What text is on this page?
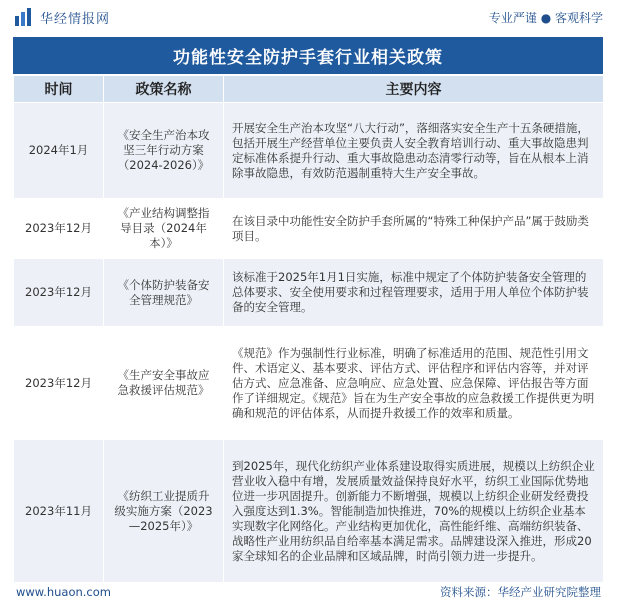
华经情报网	专业严谨 ● 客观科学
功能性安全防护手套行业相关政策
时间	政策名称	主要内容
2024年1月	《安全生产治本攻坚三年行动方案（2024-2026）》	开展安全生产治本攻坚“八大行动”，落细落实安全生产十五条硬措施，包括开展生产经营单位主要负责人安全教育培训行动、重大事故隐患判定标准体系提升行动、重大事故隐患动态清零行动等，旨在从根本上消除事故隐患，有效防范遏制重特大生产安全事故。
2023年12月	《产业结构调整指导目录（2024年本）》	在该目录中功能性安全防护手套所属的“特殊工种保护产品”属于鼓励类项目。
2023年12月	《个体防护装备安全管理规范》	该标准于2025年1月1日实施，标准中规定了个体防护装备安全管理的总体要求、安全使用要求和过程管理要求，适用于用人单位个体防护装备的安全管理。
2023年12月	《生产安全事故应急救援评估规范》	《规范》作为强制性行业标准，明确了标准适用的范围、规范性引用文件、术语定义、基本要求、评估方式、评估程序和评估内容等，并对评估方式、应急准备、应急响应、应急处置、应急保障、评估报告等方面作了详细规定。《规范》旨在为生产安全事故的应急救援工作提供更为明确和规范的评估体系，从而提升救援工作的效率和质量。
2023年11月	《纺织工业提质升级实施方案（2023—2025年）》	到2025年，现代化纺织产业体系建设取得实质进展，规模以上纺织企业营业收入稳中有增，发展质量效益保持良好水平，纺织工业国际优势地位进一步巩固提升。创新能力不断增强，规模以上纺织企业研发经费投入强度达到1.3%。智能制造加快推进，70%的规模以上纺织企业基本实现数字化网络化。产业结构更加优化，高性能纤维、高端纺织装备、战略性产业用纺织品自给率基本满足需求。品牌建设深入推进，形成20家全球知名的企业品牌和区域品牌，时尚引领力进一步提升。
www.huaon.com	资料来源：华经产业研究院整理
